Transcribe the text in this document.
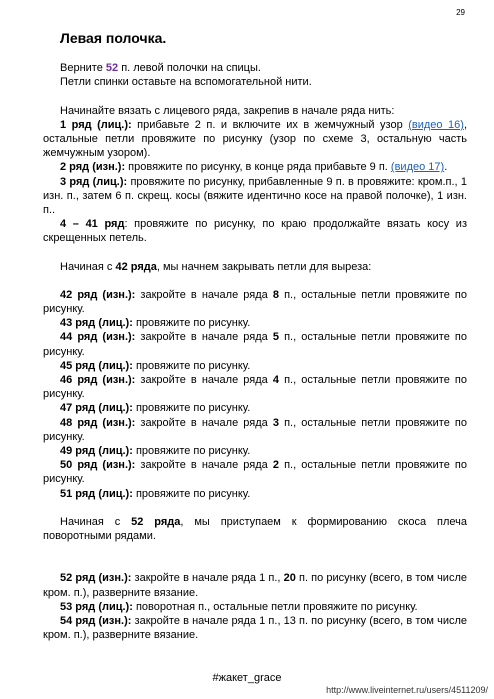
29
Левая полочка.

Верните 52 п. левой полочки на спицы.

Петли спинки оставьте на вспомогательной нити.

Начинайте вязать с лицевого ряда, закрепив в начале ряда нить:

1 ряд (лиц.): прибавьте 2 п. и включите их в жемчужный узор (видео 16), остальные петли провяжите по рисунку (узор по схеме 3, остальную часть жемчужным узором).

2 ряд (изн.): провяжите по рисунку, в конце ряда прибавьте 9 п. (видео 17).

3 ряд (лиц.): провяжите по рисунку, прибавленные 9 п. в провяжите: кром.п., 1 изн. п., затем 6 п. скрещ. косы (вяжите идентично косе на правой полочке), 1 изн. п..

4 – 41 ряд: провяжите по рисунку, по краю продолжайте вязать косу из скрещенных петель.

Начиная с 42 ряда, мы начнем закрывать петли для выреза:

42 ряд (изн.): закройте в начале ряда 8 п., остальные петли провяжите по рисунку.

43 ряд (лиц.): провяжите по рисунку.

44 ряд (изн.): закройте в начале ряда 5 п., остальные петли провяжите по рисунку.

45 ряд (лиц.): провяжите по рисунку.

46 ряд (изн.): закройте в начале ряда 4 п., остальные петли провяжите по рисунку.

47 ряд (лиц.): провяжите по рисунку.

48 ряд (изн.): закройте в начале ряда 3 п., остальные петли провяжите по рисунку.

49 ряд (лиц.): провяжите по рисунку.

50 ряд (изн.): закройте в начале ряда 2 п., остальные петли провяжите по рисунку.

51 ряд (лиц.): провяжите по рисунку.

Начиная с 52 ряда, мы приступаем к формированию скоса плеча поворотными рядами.

52 ряд (изн.): закройте в начале ряда 1 п., 20 п. по рисунку (всего, в том числе кром. п.), разверните вязание.

53 ряд (лиц.): поворотная п., остальные петли провяжите по рисунку.

54 ряд (изн.): закройте в начале ряда 1 п., 13 п. по рисунку (всего, в том числе кром. п.), разверните вязание.

#жакет_grace
http://www.liveinternet.ru/users/4511209/
